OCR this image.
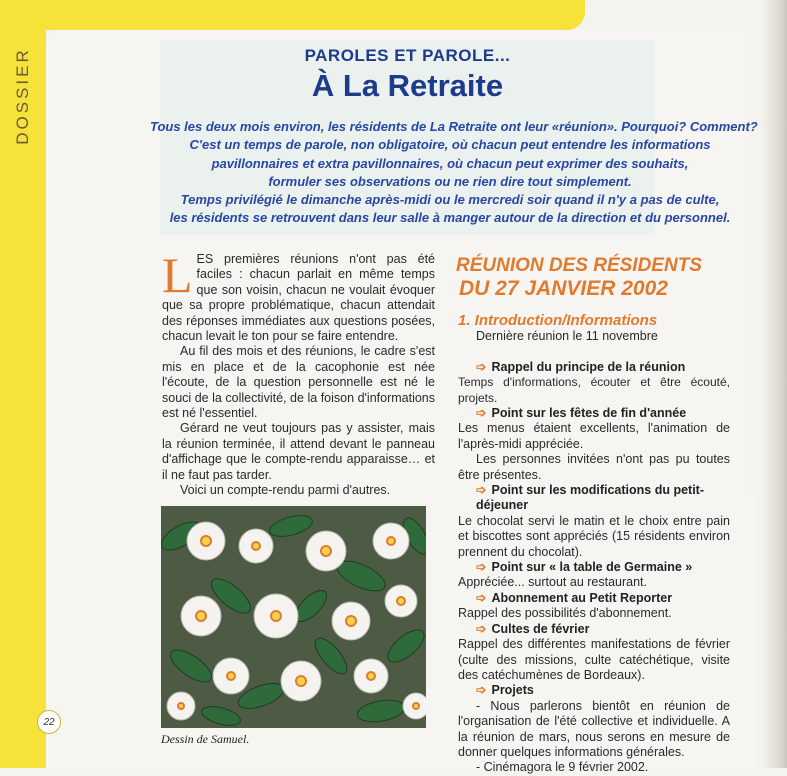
DOSSIER	PAROLES ET PAROLE...
À La Retraite
Tous les deux mois environ, les résidents de La Retraite ont leur «réunion». Pourquoi? Comment?
C'est un temps de parole, non obligatoire, où chacun peut entendre les informations
pavillonnaires et extra pavillonnaires, où chacun peut exprimer des souhaits,
formuler ses observations ou ne rien dire tout simplement.
Temps privilégié le dimanche après-midi ou le mercredi soir quand il n'y a pas de culte,
les résidents se retrouvent dans leur salle à manger autour de la direction et du personnel.

LES premières réunions n'ont pas été faciles : chacun parlait en même temps que son voisin, chacun ne voulait évoquer que sa propre problématique, chacun attendait des réponses immédiates aux questions posées, chacun levait le ton pour se faire entendre.

Au fil des mois et des réunions, le cadre s'est mis en place et de la cacophonie est née l'écoute, de la question personnelle est né le souci de la collectivité, de la foison d'informations est né l'essentiel.

Gérard ne veut toujours pas y assister, mais la réunion terminée, il attend devant le panneau d'affichage que le compte-rendu apparaisse… et il ne faut pas tarder.

Voici un compte-rendu parmi d'autres.

Dessin de Samuel.
22
RÉUNION DES RÉSIDENTS
DU 27 JANVIER 2002
1. Introduction/Informations
Dernière réunion le 11 novembre
➩ Rappel du principe de la réunion
Temps d'informations, écouter et être écouté, projets.
➩ Point sur les fêtes de fin d'année
Les menus étaient excellents, l'animation de l'après-midi appréciée.
Les personnes invitées n'ont pas pu toutes être présentes.
➩ Point sur les modifications du petit-déjeuner
Le chocolat servi le matin et le choix entre pain et biscottes sont appréciés (15 résidents environ prennent du chocolat).
➩ Point sur « la table de Germaine »
Appréciée... surtout au restaurant.
➩ Abonnement au Petit Reporter
Rappel des possibilités d'abonnement.
➩ Cultes de février
Rappel des différentes manifestations de février (culte des missions, culte catéchétique, visite des catéchumènes de Bordeaux).
➩ Projets
- Nous parlerons bientôt en réunion de l'organisation de l'été collective et individuelle. A la réunion de mars, nous serons en mesure de donner quelques informations générales.
- Cinémagora le 9 février 2002.
